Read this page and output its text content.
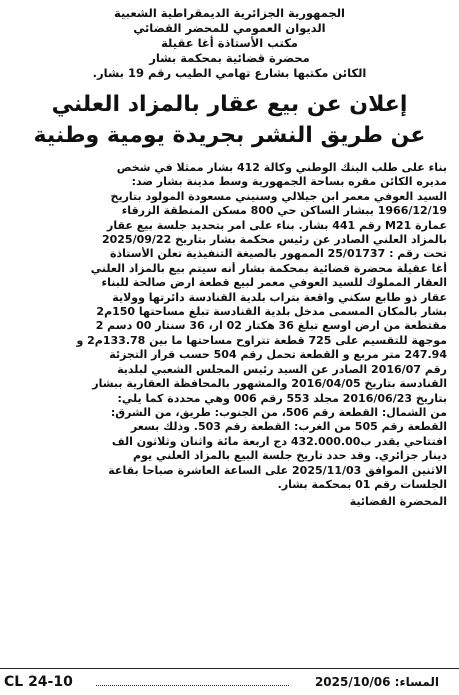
الجمهورية الجزائرية الديمقراطية الشعبية
الديوان العمومي للمحضر القضائي
مكتب الأستاذة أغا عقيلة
محضرة قضائية بمحكمة بشار
الكائن مكتبها بشارع تهامي الطيب رقم 19 بشار.
إعلان عن بيع عقار بالمزاد العلني
عن طريق النشر بجريدة يومية وطنية
بناء على طلب البنك الوطني وكالة 412 بشار ممثلا في شخص
مديره الكائن مقره بساحة الجمهورية وسط مدينة بشار ضد:
السيد العوفي معمر ابن جيلالي وسنيني مسعودة المولود بتاريخ
1966/12/19 ببشار الساكن حي 800 مسكن المنطقة الزرقاء
عمارة M21 رقم 441 بشار. بناء على امر بتحديد جلسة بيع عقار
بالمزاد العلني الصادر عن رئيس محكمة بشار بتاريخ 2025/09/22
تحت رقم : 25/01737 الممهور بالصيغة التنفيذية تعلن الأستاذة
أغا عقيلة محضرة قضائية بمحكمة بشار أنه سيتم بيع بالمزاد العلني
العقار المملوك للسيد العوفي معمر لبيع قطعة ارض صالحة للبناء
عقار ذو طابع سكني واقعة بتراب بلدية القنادسة دائرتها وولاية
بشار بالمكان المسمى مدخل بلدية القنادسة تبلغ مساحتها 150م2
مقتطعة من ارض اوسع تبلغ 36 هكتار 02 ار، 36 سنتار 00 دسم 2
موجهة للتقسيم على 725 قطعة تتراوح مساحتها ما بين 133.78م2 و
247.94 متر مربع و القطعة تحمل رقم 504 حسب قرار التجزئة
رقم 2016/07 الصادر عن السيد رئيس المجلس الشعبي لبلدية
القنادسة بتاريخ 2016/04/05 والمشهور بالمحافظة العقارية ببشار
بتاريخ 2016/06/23 مجلد 553 رقم 006 وهي محددة كما يلي:
من الشمال: القطعة رقم 506، من الجنوب: طريق، من الشرق:
القطعة رقم 505 من الغرب: القطعة رقم 503. وذلك بسعر
افتتاحي يقدر ب432.000.00 دج اربعة مائة واثنان وثلاثون الف
دينار جزائري. وقد حدد تاريخ جلسة البيع بالمزاد العلني يوم
الاثنين الموافق 2025/11/03 على الساعة العاشرة صباحا بقاعة
الجلسات رقم 01 بمحكمة بشار.
المحضرة القضائية
المساء: 2025/10/06
CL 24-10
